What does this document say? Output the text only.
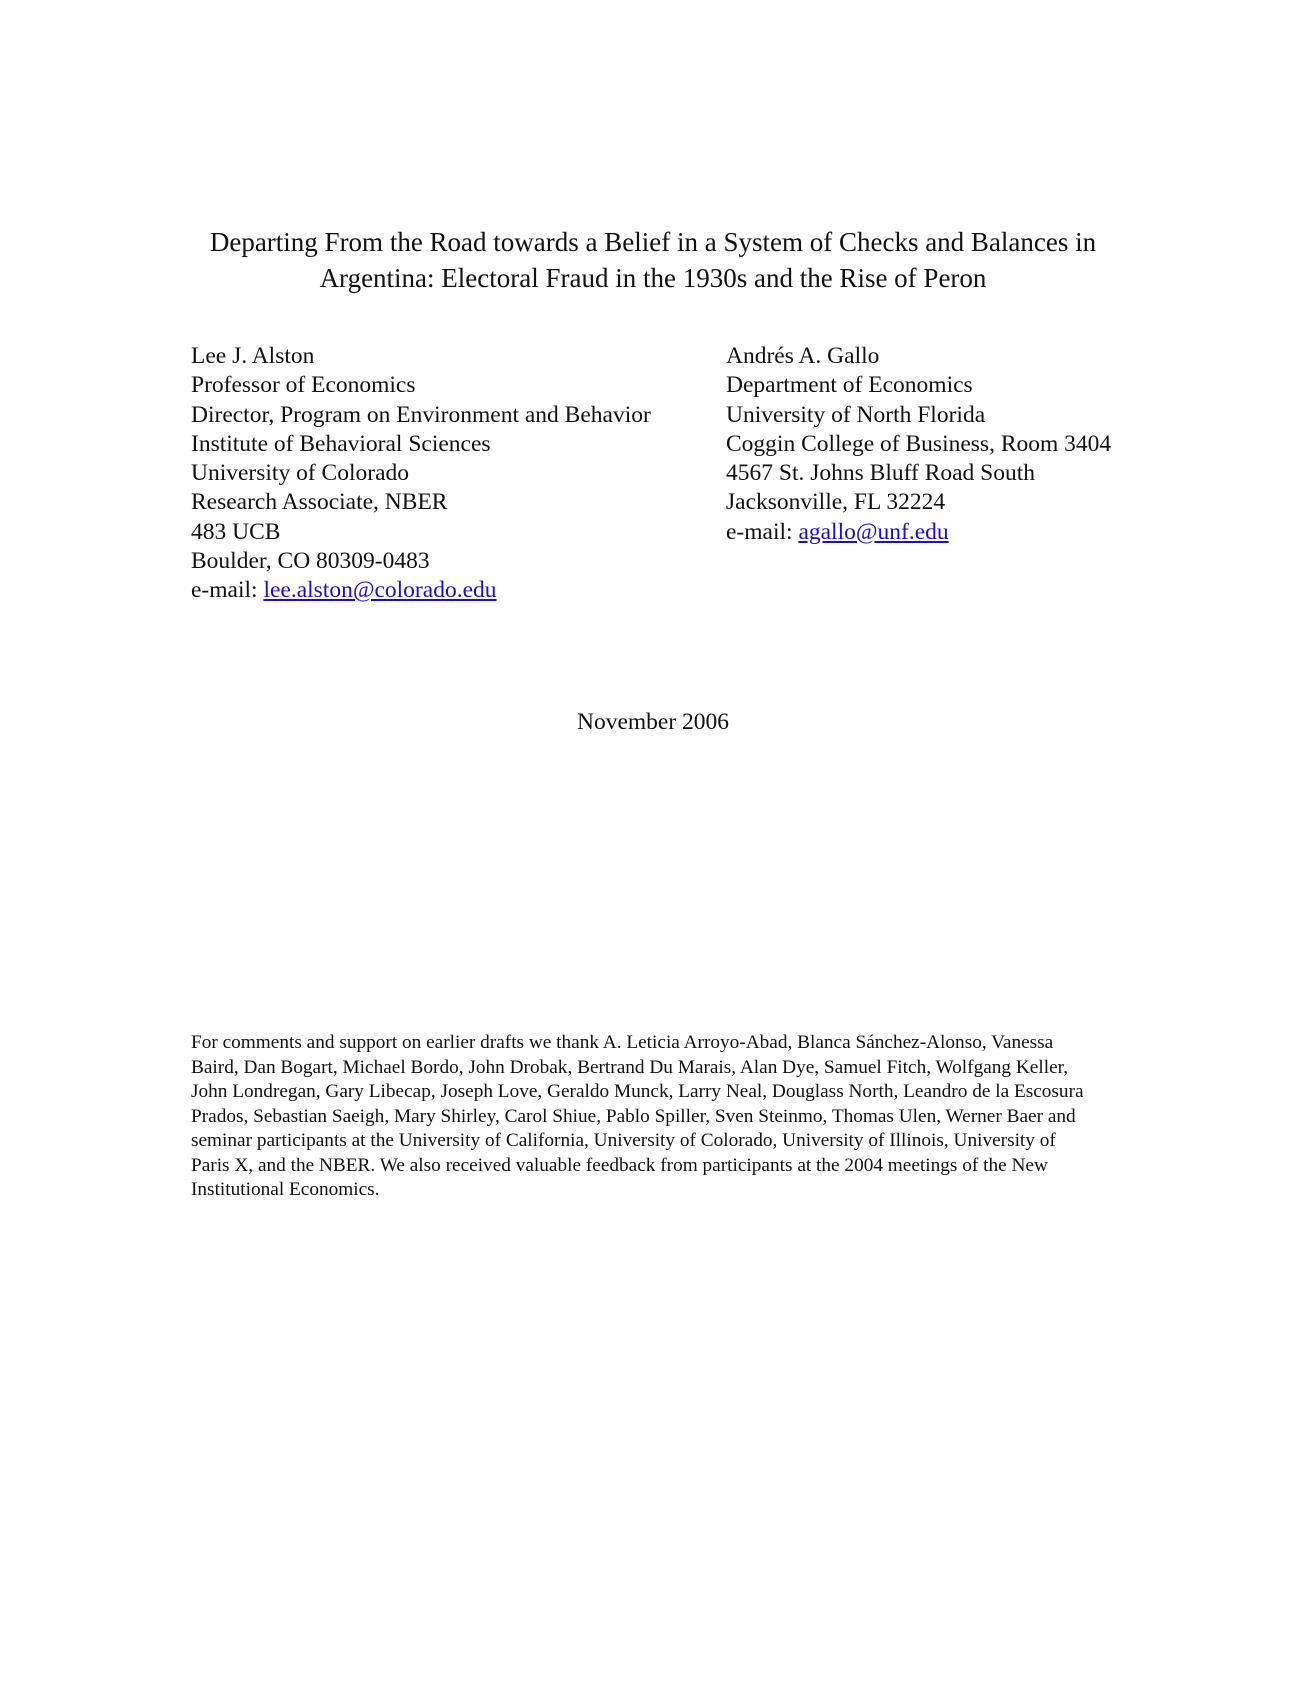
Departing From the Road towards a Belief in a System of Checks and Balances in
Argentina: Electoral Fraud in the 1930s and the Rise of Peron
Lee J. Alston
Professor of Economics
Director, Program on Environment and Behavior
Institute of Behavioral Sciences
University of Colorado
Research Associate, NBER
483 UCB
Boulder, CO 80309-0483
e-mail: lee.alston@colorado.edu
Andrés A. Gallo
Department of Economics
University of North Florida
Coggin College of Business, Room 3404
4567 St. Johns Bluff Road South
Jacksonville, FL 32224
e-mail: agallo@unf.edu
November 2006
For comments and support on earlier drafts we thank A. Leticia Arroyo-Abad, Blanca Sánchez-Alonso, Vanessa
Baird, Dan Bogart, Michael Bordo, John Drobak, Bertrand Du Marais, Alan Dye, Samuel Fitch, Wolfgang Keller,
John Londregan, Gary Libecap, Joseph Love, Geraldo Munck, Larry Neal, Douglass North, Leandro de la Escosura
Prados, Sebastian Saeigh, Mary Shirley, Carol Shiue, Pablo Spiller, Sven Steinmo, Thomas Ulen, Werner Baer and
seminar participants at the University of California, University of Colorado, University of Illinois, University of
Paris X, and the NBER. We also received valuable feedback from participants at the 2004 meetings of the New
Institutional Economics.
